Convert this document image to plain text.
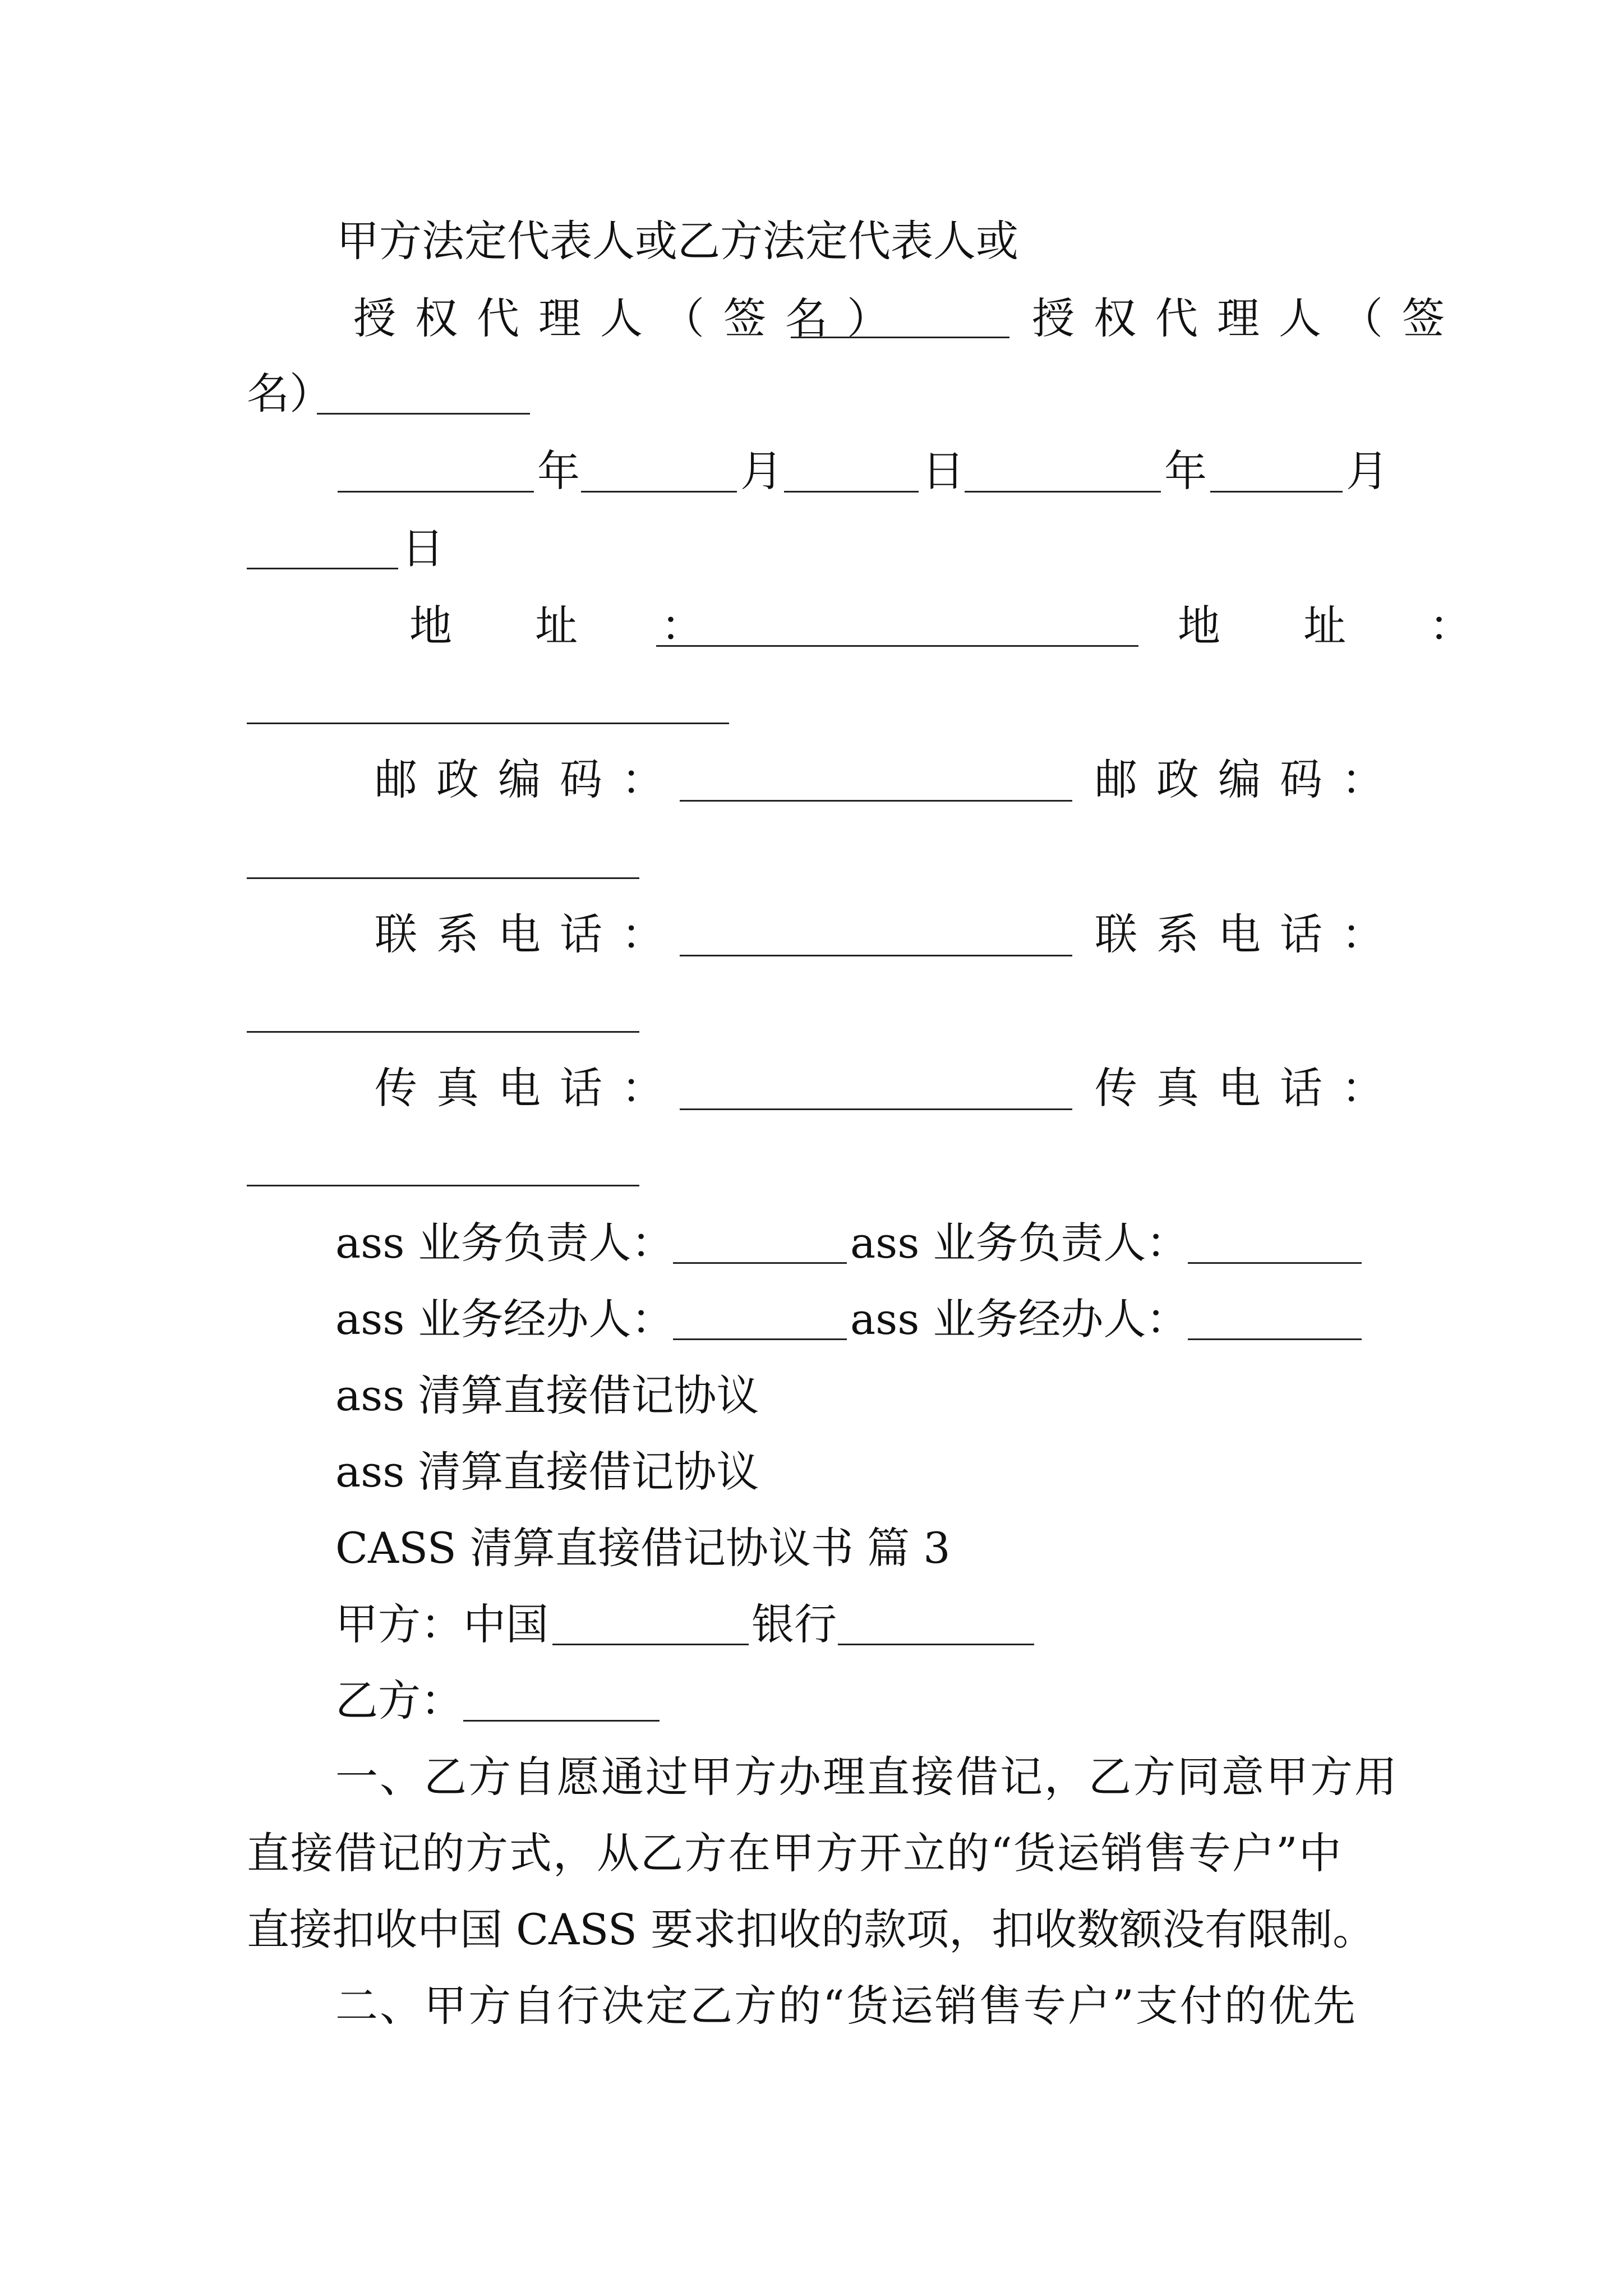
甲方法定代表人或乙方法定代表人或
授权代理人（签名）	授权代理人（签
名）
年	月	日	年	月
日
地 址 ：	地 址 ：
邮政编码：	邮政编码：
联系电话：	联系电话：
传真电话：	传真电话：
ass 业务负责人：	ass 业务负责人：
ass 业务经办人：	ass 业务经办人：
ass 清算直接借记协议
ass 清算直接借记协议
CASS 清算直接借记协议书 篇 3
甲方：中国	银行
乙方：
一、乙方自愿通过甲方办理直接借记，乙方同意甲方用
直接借记的方式，从乙方在甲方开立的“货运销售专户”中
直接扣收中国 CASS 要求扣收的款项，扣收数额没有限制。
二、甲方自行决定乙方的“货运销售专户”支付的优先
